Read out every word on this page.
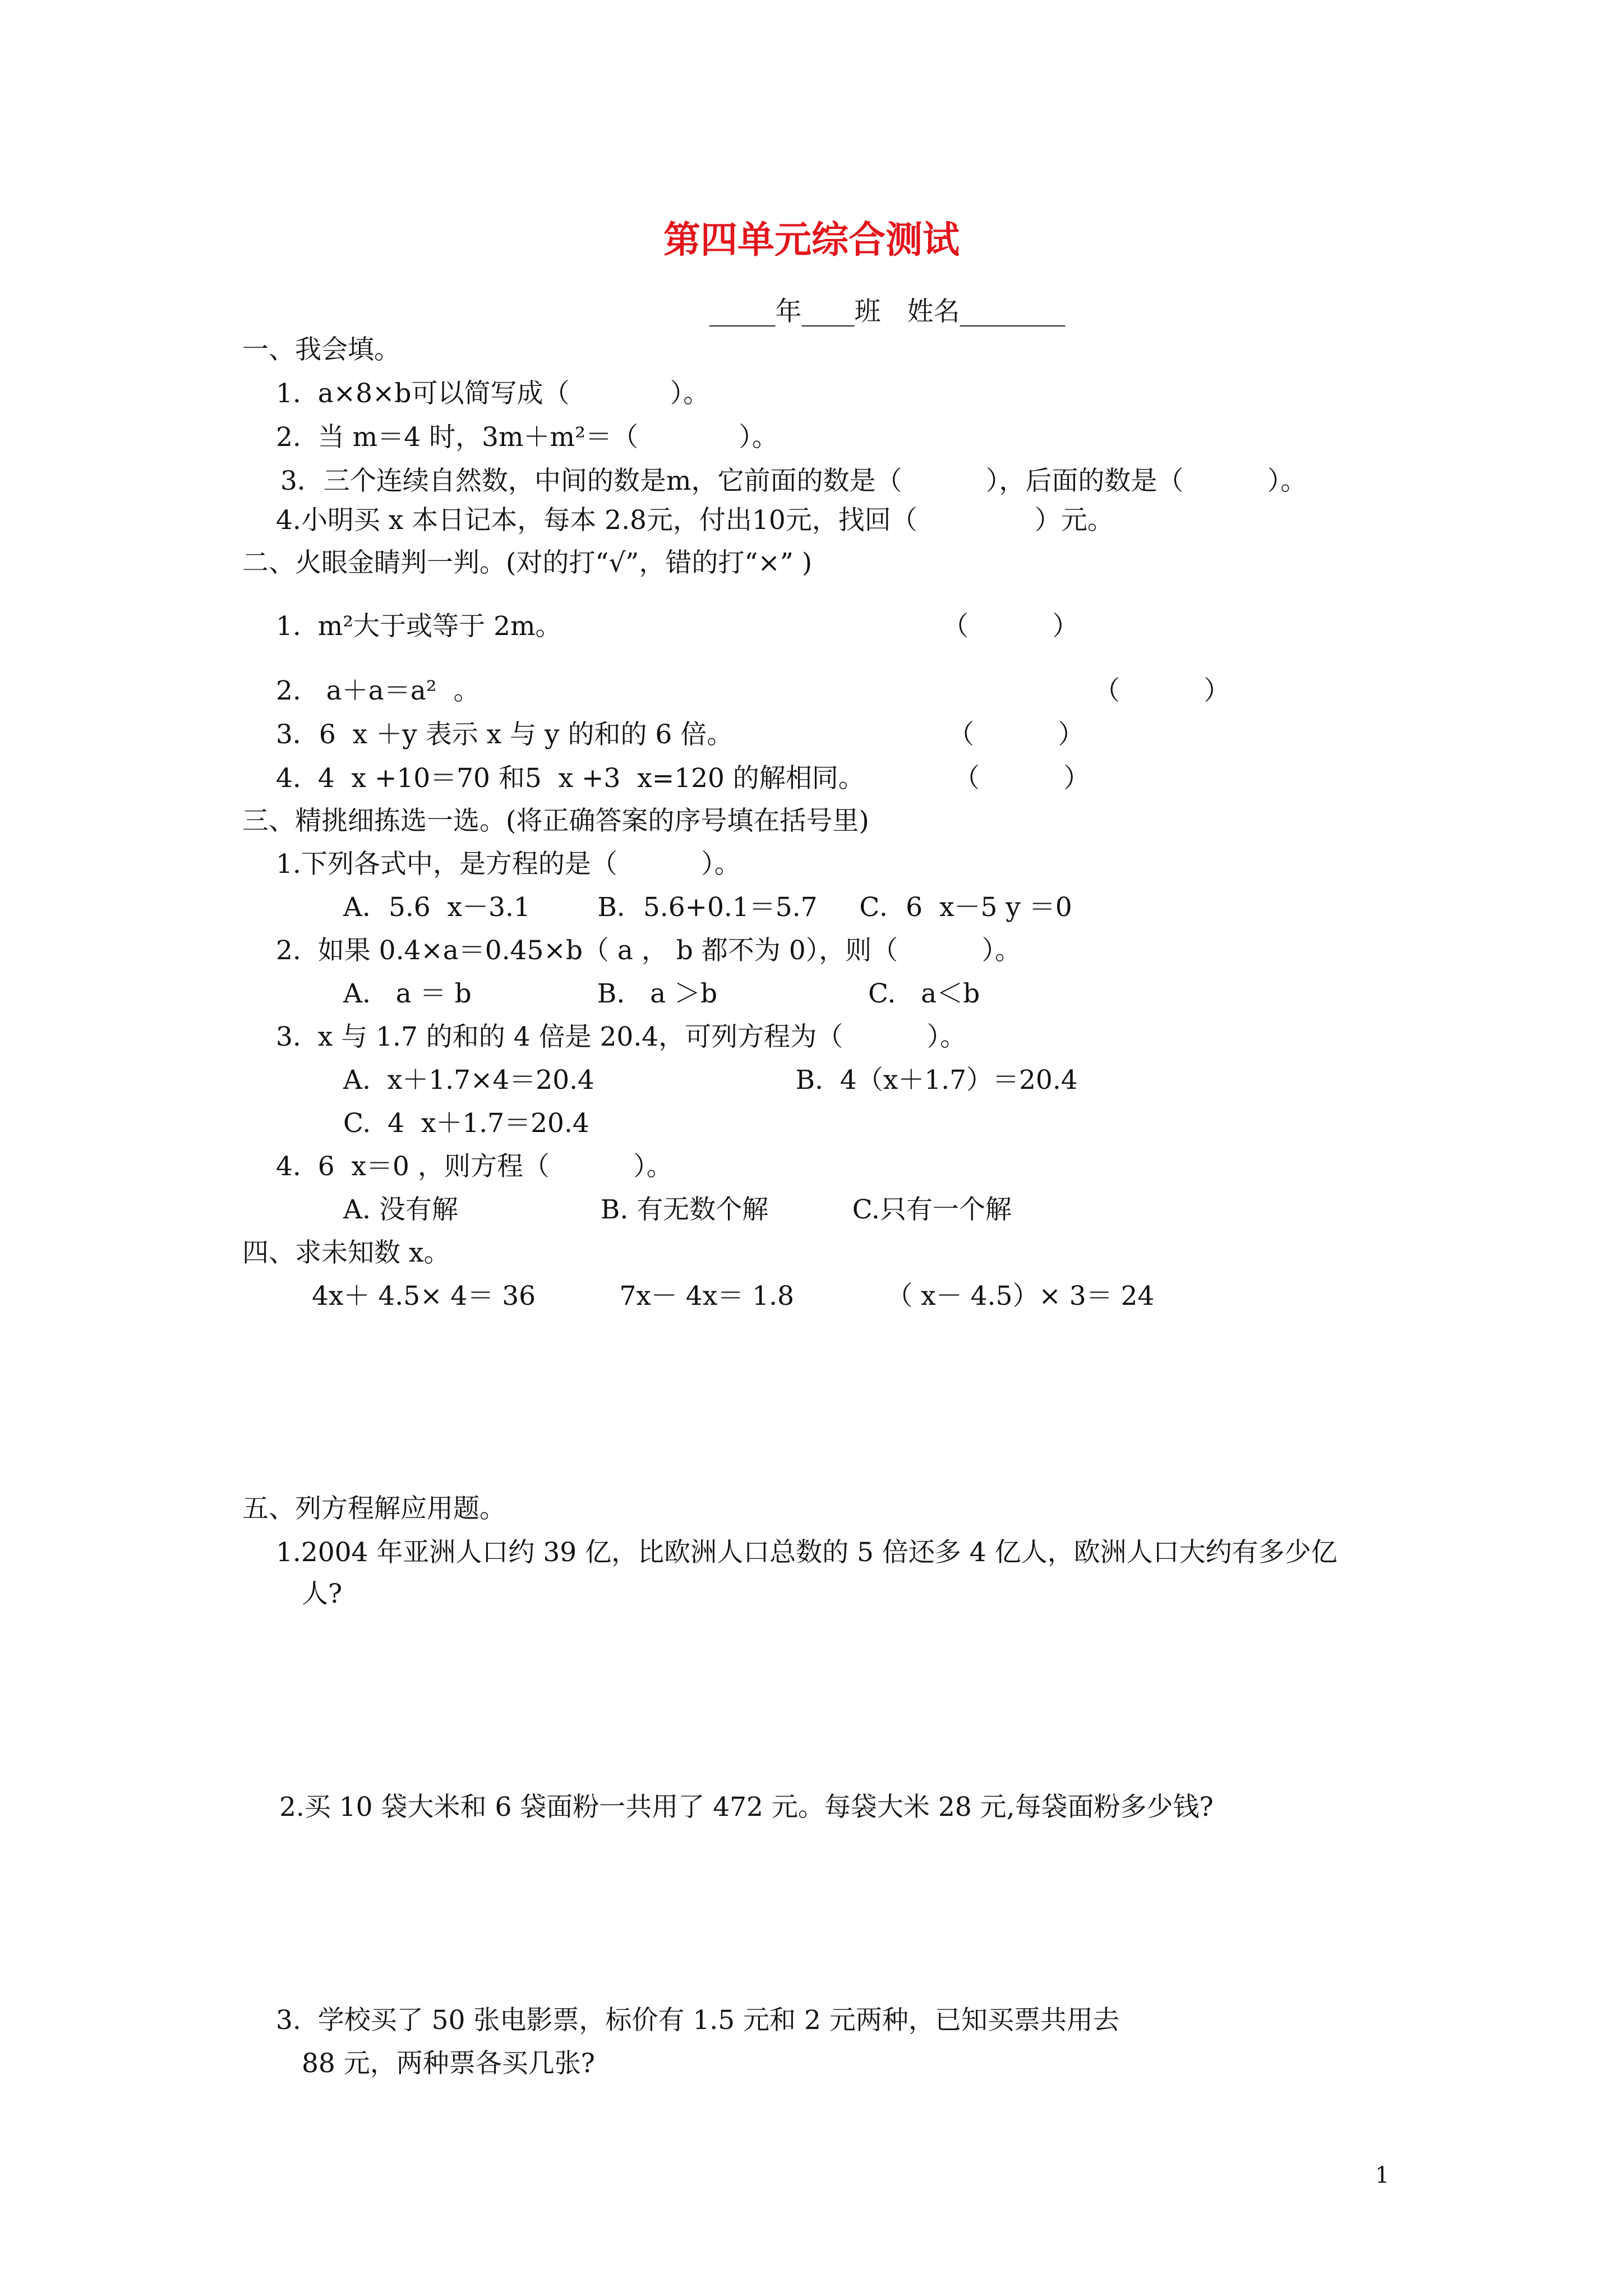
第四单元综合测试
_____年____班　姓名________
一、我会填。
1.  a×8×b可以简写成（            ）。
2.  当 m＝4 时，3m＋m²＝（            ）。
3．三个连续自然数，中间的数是m，它前面的数是（          ），后面的数是（          ）。
4.小明买 x 本日记本，每本 2.8元，付出10元，找回（              ）元。
二、火眼金睛判一判。(对的打“√”，错的打“×” )
1.  m²大于或等于 2m。	（          ）
2.   a＋a＝a²  。	（          ）
3．6  x ＋y 表示 x 与 y 的和的 6 倍。	（          ）
4.  4  x +10＝70 和5  x +3  x=120 的解相同。	（          ）
三、精挑细拣选一选。(将正确答案的序号填在括号里)
1.下列各式中，是方程的是（          ）。
A．5.6  x－3.1        B．5.6+0.1＝5.7     C．6  x－5 y ＝0
2.  如果 0.4×a＝0.45×b（ a ， b 都不为 0），则（          ）。
A.   a ＝ b               B.   a ＞b                  C.   a＜b
3.  x 与 1.7 的和的 4 倍是 20.4，可列方程为（          ）。
A.  x＋1.7×4＝20.4                        B.  4（x＋1.7）＝20.4
C.  4  x＋1.7＝20.4
4.  6  x＝0 ，则方程（          ）。
A. 没有解                 B. 有无数个解          C.只有一个解
四、求未知数 x。
4x＋ 4.5× 4＝ 36          7x－ 4x＝ 1.8           （ x－ 4.5）× 3＝ 24
五、列方程解应用题。
1.2004 年亚洲人口约 39 亿，比欧洲人口总数的 5 倍还多 4 亿人，欧洲人口大约有多少亿
人?
2.买 10 袋大米和 6 袋面粉一共用了 472 元。每袋大米 28 元,每袋面粉多少钱?
3.  学校买了 50 张电影票，标价有 1.5 元和 2 元两种，已知买票共用去
88 元，两种票各买几张?
1
